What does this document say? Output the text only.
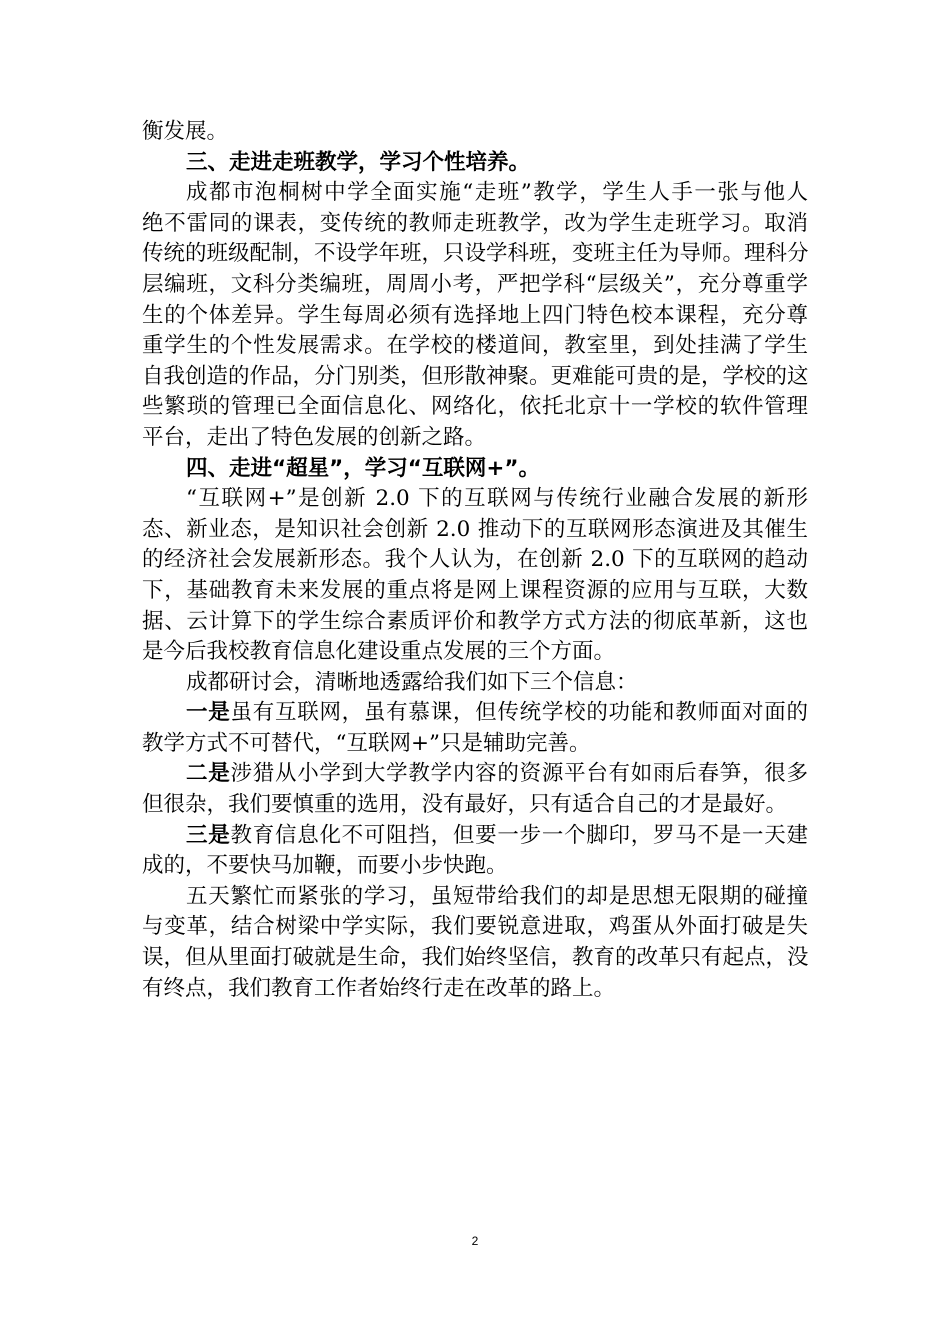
衡发展。
三、走进走班教学，学习个性培养。
成都市泡桐树中学全面实施“走班”教学，学生人手一张与他人
绝不雷同的课表，变传统的教师走班教学，改为学生走班学习。取消
传统的班级配制，不设学年班，只设学科班，变班主任为导师。理科分
层编班，文科分类编班，周周小考，严把学科“层级关”，充分尊重学
生的个体差异。学生每周必须有选择地上四门特色校本课程，充分尊
重学生的个性发展需求。在学校的楼道间，教室里，到处挂满了学生
自我创造的作品，分门别类，但形散神聚。更难能可贵的是，学校的这
些繁琐的管理已全面信息化、网络化，依托北京十一学校的软件管理
平台，走出了特色发展的创新之路。
四、走进“超星”，学习“互联网+”。
“互联网+”是创新 2.0 下的互联网与传统行业融合发展的新形
态、新业态，是知识社会创新 2.0 推动下的互联网形态演进及其催生
的经济社会发展新形态。我个人认为，在创新 2.0 下的互联网的趋动
下，基础教育未来发展的重点将是网上课程资源的应用与互联，大数
据、云计算下的学生综合素质评价和教学方式方法的彻底革新，这也
是今后我校教育信息化建设重点发展的三个方面。
成都研讨会，清晰地透露给我们如下三个信息：
一是虽有互联网，虽有慕课，但传统学校的功能和教师面对面的
教学方式不可替代，“互联网+”只是辅助完善。
二是涉猎从小学到大学教学内容的资源平台有如雨后春笋，很多
但很杂，我们要慎重的选用，没有最好，只有适合自己的才是最好。
三是教育信息化不可阻挡，但要一步一个脚印，罗马不是一天建
成的，不要快马加鞭，而要小步快跑。
五天繁忙而紧张的学习，虽短带给我们的却是思想无限期的碰撞
与变革，结合树梁中学实际，我们要锐意进取，鸡蛋从外面打破是失
误，但从里面打破就是生命，我们始终坚信，教育的改革只有起点，没
有终点，我们教育工作者始终行走在改革的路上。
2
